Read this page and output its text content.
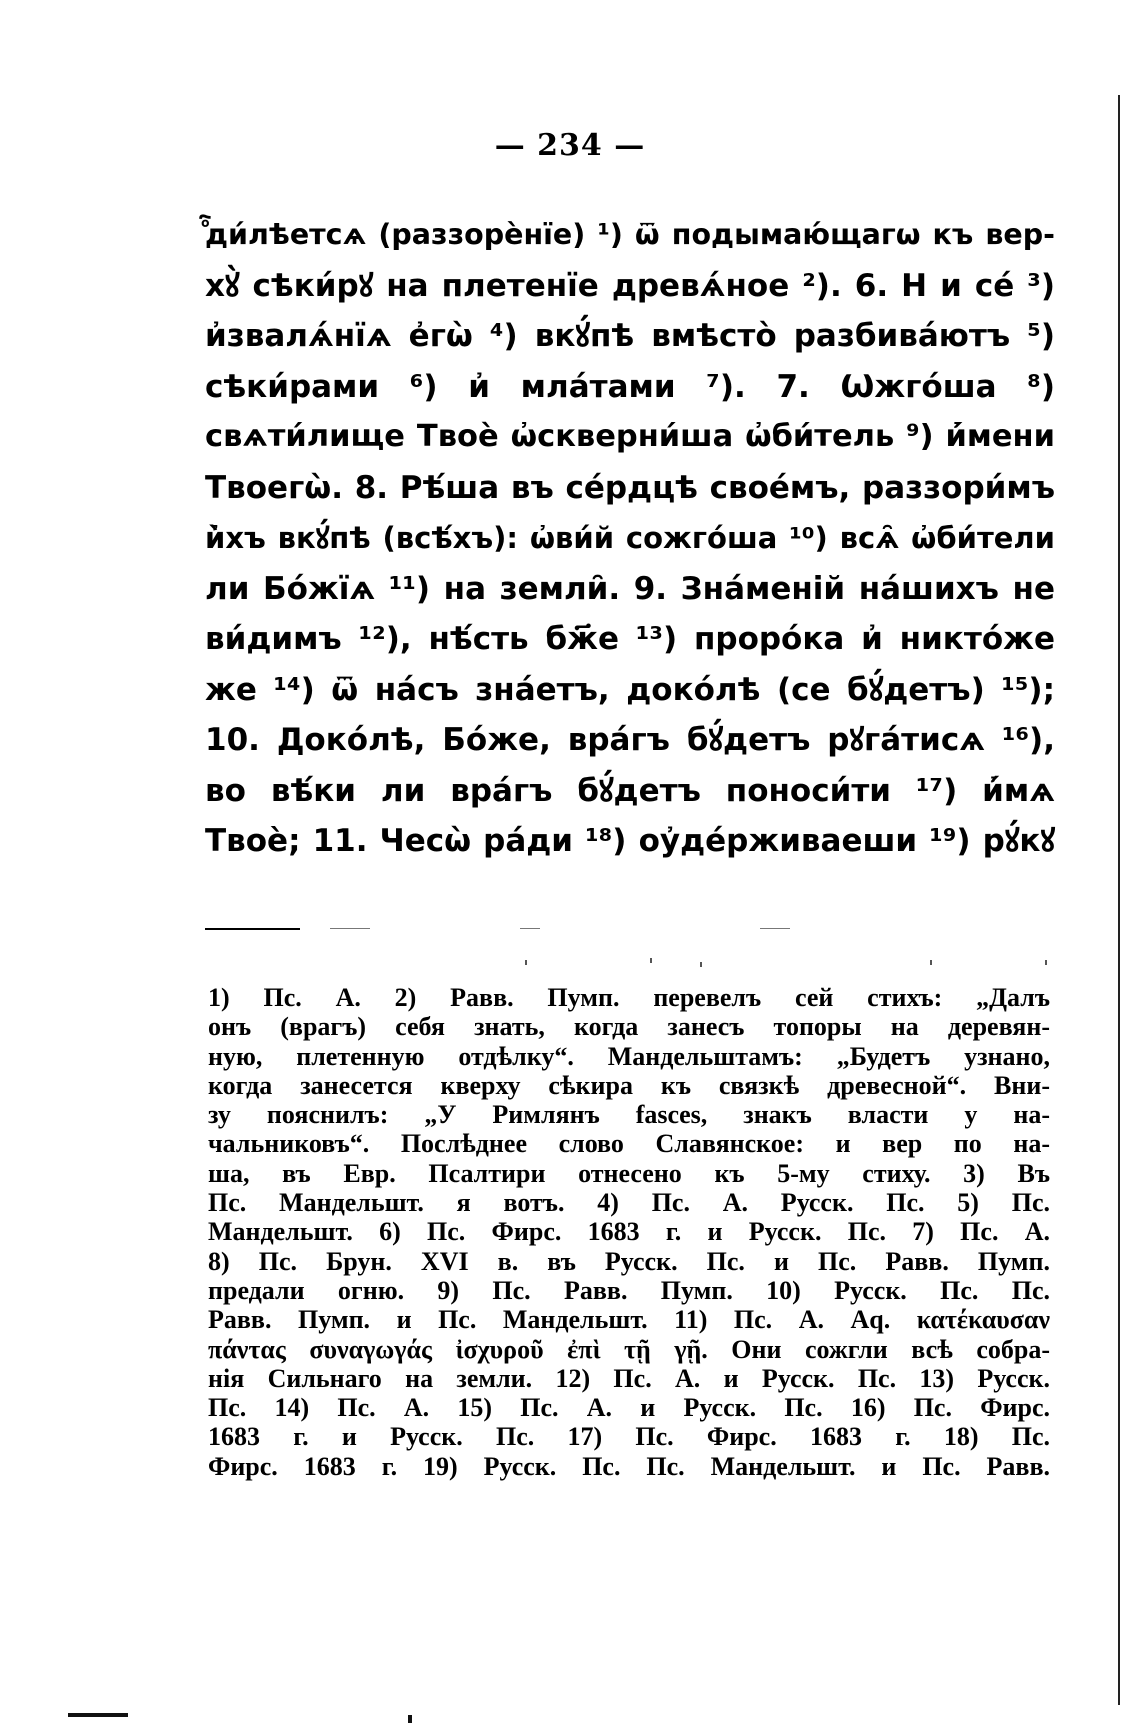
— 234 —
ⷪ҇ди́лѣетсѧ (раззорѐнїе) ¹) ѿ подымаю́щагѡ къ вер-
хꙋ̀ сѣки́рꙋ на плетенїе древѧ́ное ²). 6. Н и се́ ³)
и҆звалѧ́нїѧ е҆гѡ̀ ⁴) вкꙋ́пѣ вмѣсто̀ разбива́ютъ ⁵)
сѣки́рами ⁶) и҆ мла́тами ⁷). 7. Ѡжго́ша ⁸)
свѧти́лище Твоѐ ѡ҆скверни́ша ѡ҆би́тель ⁹) и҆́мени
Твоегѡ̀. 8. Рѣ́ша въ се́рдцѣ свое́мъ, раззори́мъ
и҆̀хъ вкꙋ́пѣ (всѣ́хъ): ѡ҆ви́й сожго́ша ¹⁰) всѧ̑ ѡ҆би́тели
ли Бо́жїѧ ¹¹) на земли̑. 9. Зна́меній на́шихъ не
ви́димъ ¹²), нѣ́сть бж҃е ¹³) проро́ка и҆ никто́же
же ¹⁴) ѿ на́съ зна́етъ, доко́лѣ (се бꙋ́детъ) ¹⁵);
10. Доко́лѣ, Бо́же, вра́гъ бꙋ́детъ рꙋга́тисѧ ¹⁶),
во вѣ́ки ли вра́гъ бꙋ́детъ поноси́ти ¹⁷) и҆́мѧ
Твоѐ; 11. Чесѡ̀ ра́ди ¹⁸) оу҆де́рживаеши ¹⁹) рꙋ́кꙋ
1) Пс. А. 2) Равв. Пумп. перевелъ сей стихъ: „Далъ
онъ (врагъ) себя знать, когда занесъ топоры на деревян-
ную, плетенную отдѣлку“. Мандельштамъ: „Будетъ узнано,
когда занесется кверху сѣкира къ связкѣ древесной“. Вни-
зу пояснилъ: „У Римлянъ fasces, знакъ власти у на-
чальниковъ“. Послѣднее слово Славянское: и вер по на-
ша, въ Евр. Псалтири отнесено къ 5-му стиху. 3) Въ
Пс. Мандельшт. я вотъ. 4) Пс. А. Русск. Пс. 5) Пс.
Мандельшт. 6) Пс. Фирс. 1683 г. и Русск. Пс. 7) Пс. А.
8) Пс. Брун. XVI в. въ Русск. Пс. и Пс. Равв. Пумп.
предали огню. 9) Пс. Равв. Пумп. 10) Русск. Пс. Пс.
Равв. Пумп. и Пс. Мандельшт. 11) Пс. А. Aq. κατέκαυσαν
πάντας συναγωγάς ἰσχυροῦ ἐπὶ τῇ γῇ. Они сожгли всѣ собра-
нія Сильнаго на земли. 12) Пс. А. и Русск. Пс. 13) Русск.
Пс. 14) Пс. А. 15) Пс. А. и Русск. Пс. 16) Пс. Фирс.
1683 г. и Русск. Пс. 17) Пс. Фирс. 1683 г. 18) Пс.
Фирс. 1683 г. 19) Русск. Пс. Пс. Мандельшт. и Пс. Равв.
